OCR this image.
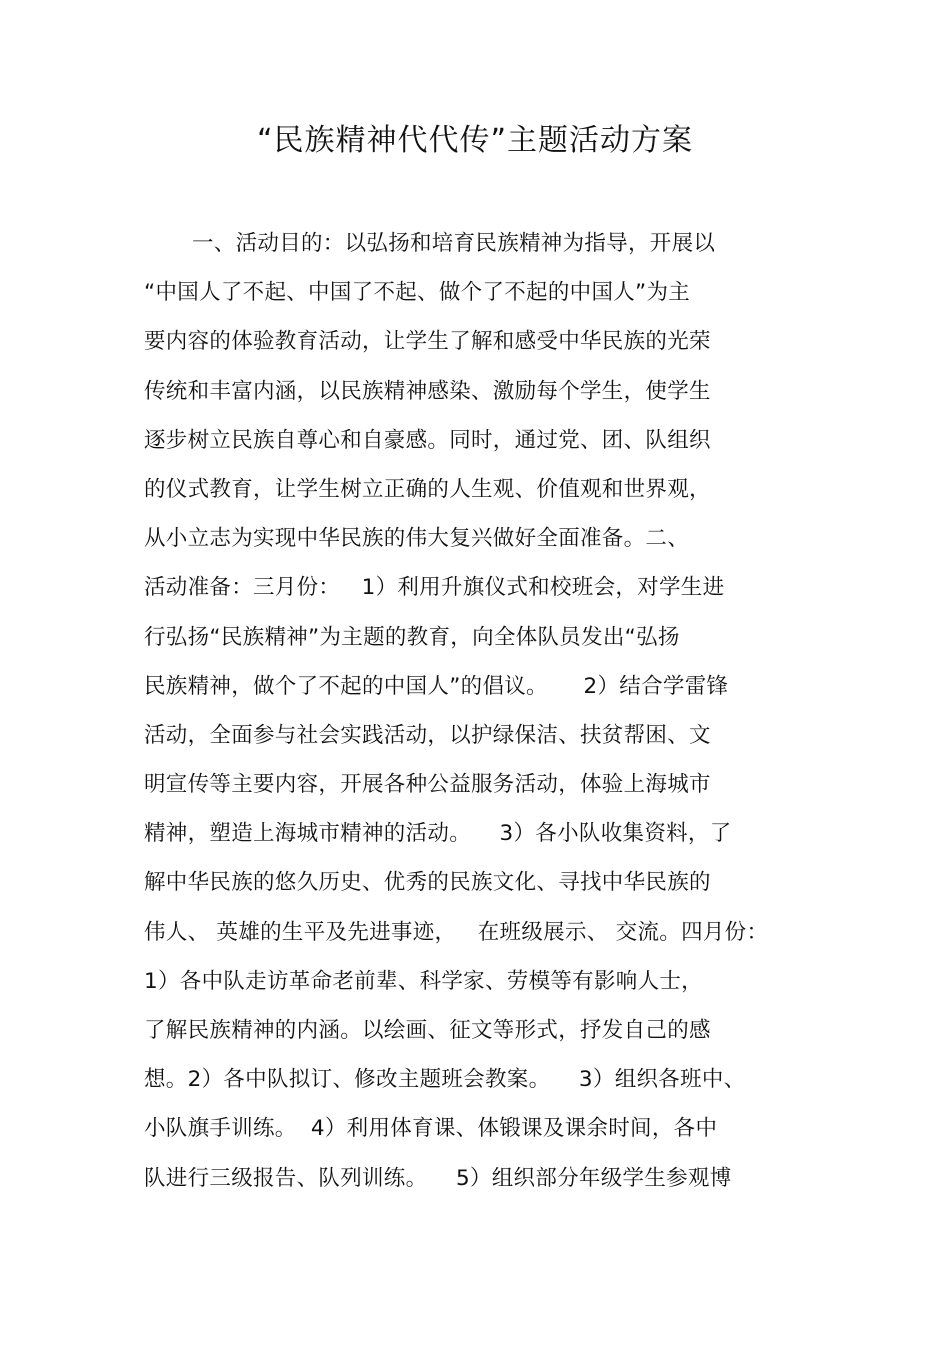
“民族精神代代传”主题活动方案
一、活动目的：以弘扬和培育民族精神为指导，开展以
“中国人了不起、中国了不起、做个了不起的中国人”为主
要内容的体验教育活动，让学生了解和感受中华民族的光荣
传统和丰富内涵，以民族精神感染、激励每个学生，使学生
逐步树立民族自尊心和自豪感。同时，通过党、团、队组织
的仪式教育，让学生树立正确的人生观、价值观和世界观，
从小立志为实现中华民族的伟大复兴做好全面准备。二、
活动准备：三月份：   1）利用升旗仪式和校班会，对学生进
行弘扬“民族精神”为主题的教育，向全体队员发出“弘扬
民族精神，做个了不起的中国人”的倡议。     2）结合学雷锋
活动，全面参与社会实践活动，以护绿保洁、扶贫帮困、文
明宣传等主要内容，开展各种公益服务活动，体验上海城市
精神，塑造上海城市精神的活动。    3）各小队收集资料，了
解中华民族的悠久历史、优秀的民族文化、寻找中华民族的
伟人、 英雄的生平及先进事迹，   在班级展示、 交流。四月份：
1）各中队走访革命老前辈、科学家、劳模等有影响人士，
了解民族精神的内涵。以绘画、征文等形式，抒发自己的感
想。2）各中队拟订、修改主题班会教案。    3）组织各班中、
小队旗手训练。  4）利用体育课、体锻课及课余时间，各中
队进行三级报告、队列训练。    5）组织部分年级学生参观博
